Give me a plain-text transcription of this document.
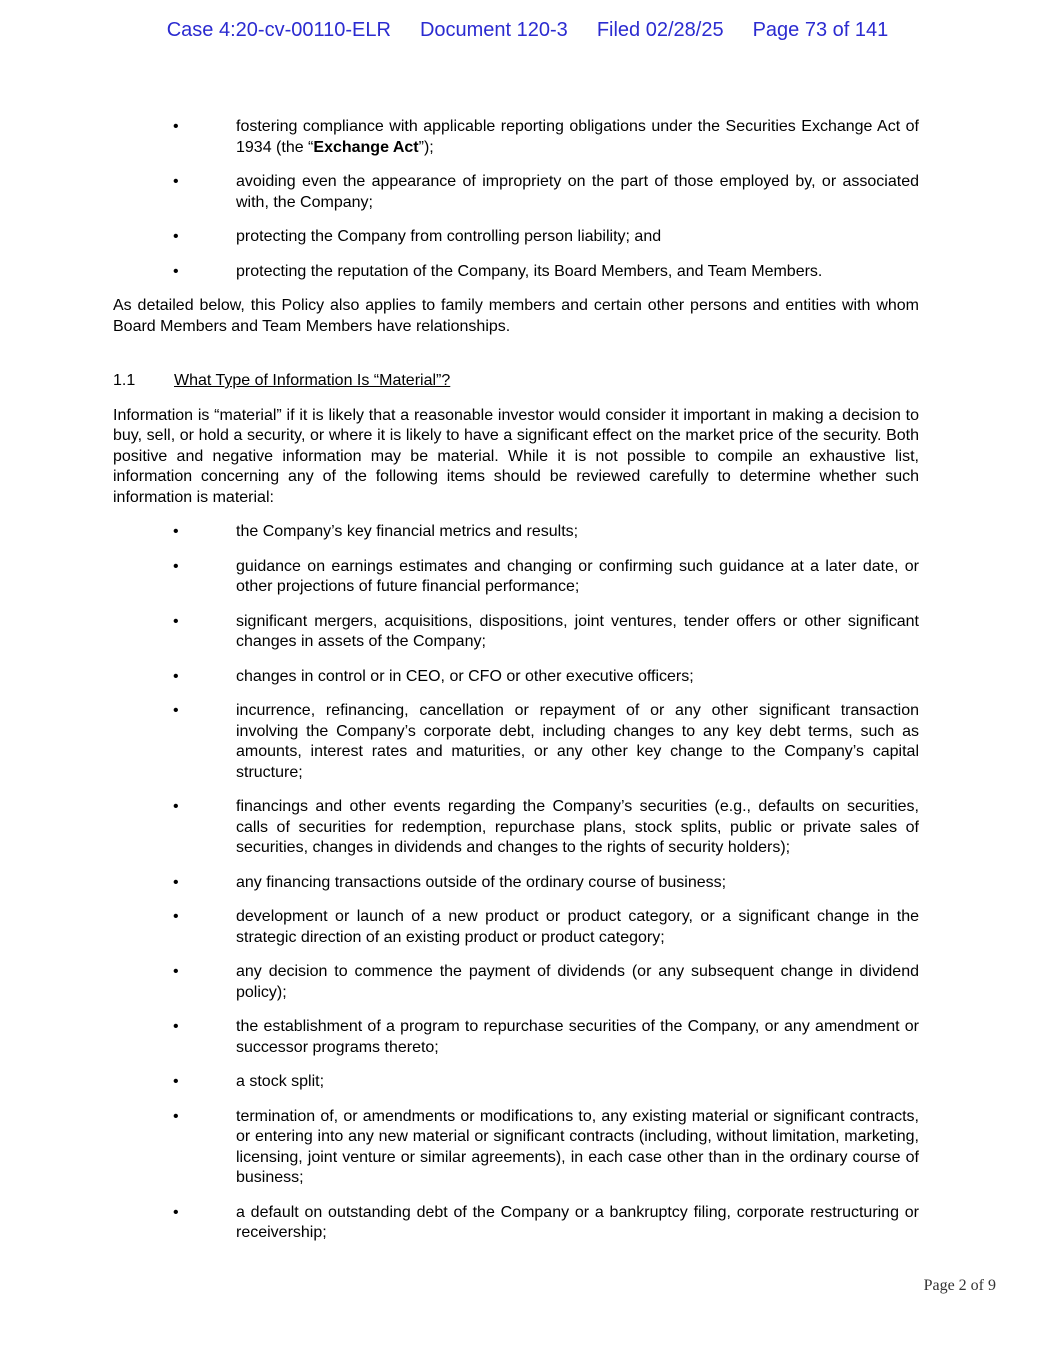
Case 4:20-cv-00110-ELR Document 120-3 Filed 02/28/25 Page 73 of 141
•	fostering compliance with applicable reporting obligations under the Securities Exchange Act of 1934 (the “Exchange Act”);
•	avoiding even the appearance of impropriety on the part of those employed by, or associated with, the Company;
•	protecting the Company from controlling person liability; and
•	protecting the reputation of the Company, its Board Members, and Team Members.

As detailed below, this Policy also applies to family members and certain other persons and entities with whom Board Members and Team Members have relationships.

1.1 What Type of Information Is “Material”?

Information is “material” if it is likely that a reasonable investor would consider it important in making a decision to buy, sell, or hold a security, or where it is likely to have a significant effect on the market price of the security. Both positive and negative information may be material. While it is not possible to compile an exhaustive list, information concerning any of the following items should be reviewed carefully to determine whether such information is material:

•	the Company’s key financial metrics and results;
•	guidance on earnings estimates and changing or confirming such guidance at a later date, or other projections of future financial performance;
•	significant mergers, acquisitions, dispositions, joint ventures, tender offers or other significant changes in assets of the Company;
•	changes in control or in CEO, or CFO or other executive officers;
•	incurrence, refinancing, cancellation or repayment of or any other significant transaction involving the Company’s corporate debt, including changes to any key debt terms, such as amounts, interest rates and maturities, or any other key change to the Company’s capital structure;
•	financings and other events regarding the Company’s securities (e.g., defaults on securities, calls of securities for redemption, repurchase plans, stock splits, public or private sales of securities, changes in dividends and changes to the rights of security holders);
•	any financing transactions outside of the ordinary course of business;
•	development or launch of a new product or product category, or a significant change in the strategic direction of an existing product or product category;
•	any decision to commence the payment of dividends (or any subsequent change in dividend policy);
•	the establishment of a program to repurchase securities of the Company, or any amendment or successor programs thereto;
•	a stock split;
•	termination of, or amendments or modifications to, any existing material or significant contracts, or entering into any new material or significant contracts (including, without limitation, marketing, licensing, joint venture or similar agreements), in each case other than in the ordinary course of business;
•	a default on outstanding debt of the Company or a bankruptcy filing, corporate restructuring or receivership;
Page 2 of 9
